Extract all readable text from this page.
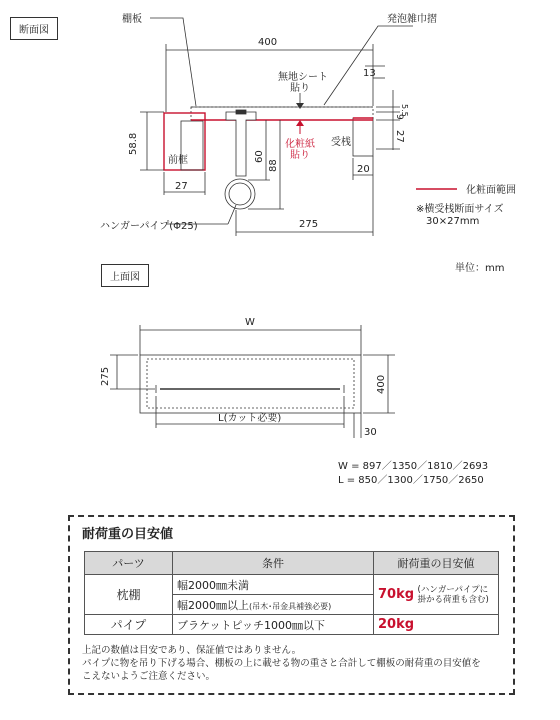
断面図
棚板	発泡雑巾摺
無地シート
貼り
化粧紙
貼り
前框
受桟
ハンガーパイプ(Φ25)
400
13
5.5
9
27
58.8
60
88	20
27
275
化粧面範囲
※横受桟断面サイズ
30×27mm
単位：mm
上面図
W
275	400
L(カット必要)
30
W = 897／1350／1810／2693
L = 850／1300／1750／2650
耐荷重の目安値
パーツ	条件	耐荷重の目安値
枕棚	幅2000㎜未満	70kg (ハンガーパイプに
掛かる荷重も含む)
	幅2000㎜以上(吊木･吊金具補強必要)	
パイプ	ブラケットピッチ1000㎜以下	20kg
上記の数値は目安であり、保証値ではありません。
パイプに物を吊り下げる場合、棚板の上に載せる物の重さと合計して棚板の耐荷重の目安値を
こえないようご注意ください。
